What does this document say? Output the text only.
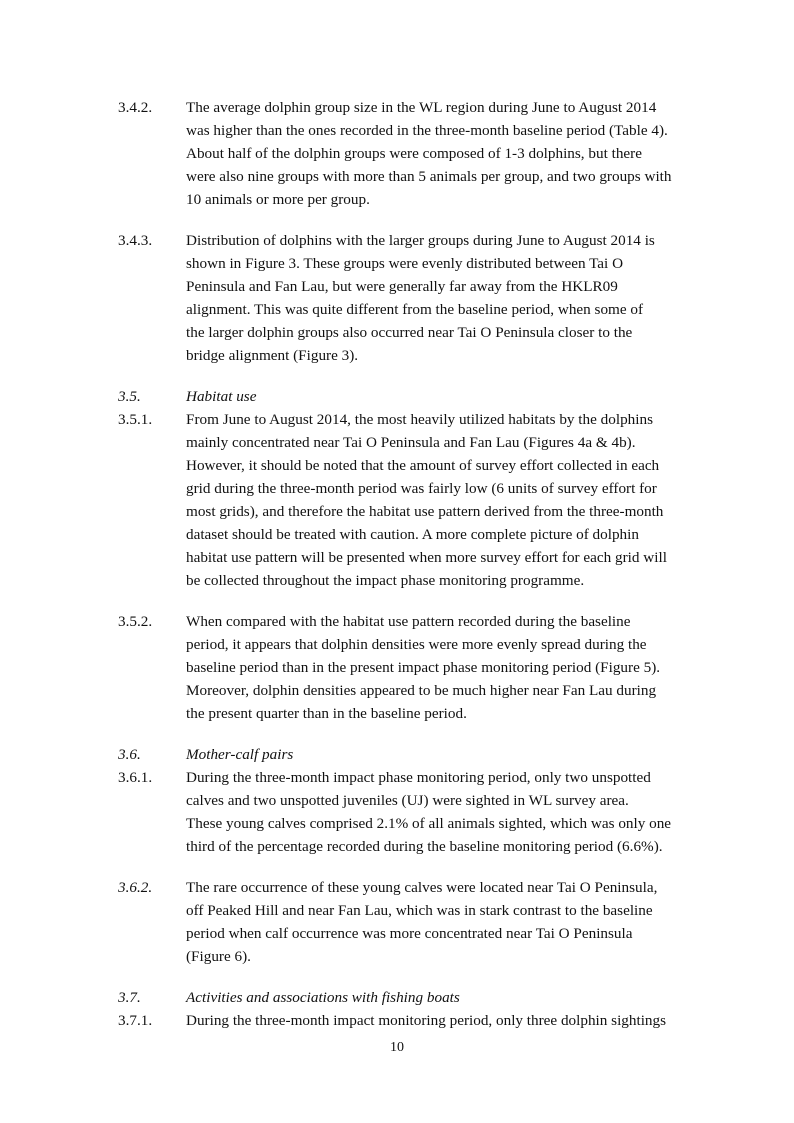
3.4.2. The average dolphin group size in the WL region during June to August 2014
was higher than the ones recorded in the three-month baseline period (Table 4).
About half of the dolphin groups were composed of 1-3 dolphins, but there
were also nine groups with more than 5 animals per group, and two groups with
10 animals or more per group.
3.4.3. Distribution of dolphins with the larger groups during June to August 2014 is
shown in Figure 3. These groups were evenly distributed between Tai O
Peninsula and Fan Lau, but were generally far away from the HKLR09
alignment. This was quite different from the baseline period, when some of
the larger dolphin groups also occurred near Tai O Peninsula closer to the
bridge alignment (Figure 3).
3.5.	Habitat use
3.5.1. From June to August 2014, the most heavily utilized habitats by the dolphins
mainly concentrated near Tai O Peninsula and Fan Lau (Figures 4a & 4b).
However, it should be noted that the amount of survey effort collected in each
grid during the three-month period was fairly low (6 units of survey effort for
most grids), and therefore the habitat use pattern derived from the three-month
dataset should be treated with caution. A more complete picture of dolphin
habitat use pattern will be presented when more survey effort for each grid will
be collected throughout the impact phase monitoring programme.
3.5.2. When compared with the habitat use pattern recorded during the baseline
period, it appears that dolphin densities were more evenly spread during the
baseline period than in the present impact phase monitoring period (Figure 5).
Moreover, dolphin densities appeared to be much higher near Fan Lau during
the present quarter than in the baseline period.
3.6.	Mother-calf pairs
3.6.1. During the three-month impact phase monitoring period, only two unspotted
calves and two unspotted juveniles (UJ) were sighted in WL survey area.
These young calves comprised 2.1% of all animals sighted, which was only one
third of the percentage recorded during the baseline monitoring period (6.6%).
3.6.2. The rare occurrence of these young calves were located near Tai O Peninsula,
off Peaked Hill and near Fan Lau, which was in stark contrast to the baseline
period when calf occurrence was more concentrated near Tai O Peninsula
(Figure 6).
3.7.	Activities and associations with fishing boats
3.7.1. During the three-month impact monitoring period, only three dolphin sightings
10
